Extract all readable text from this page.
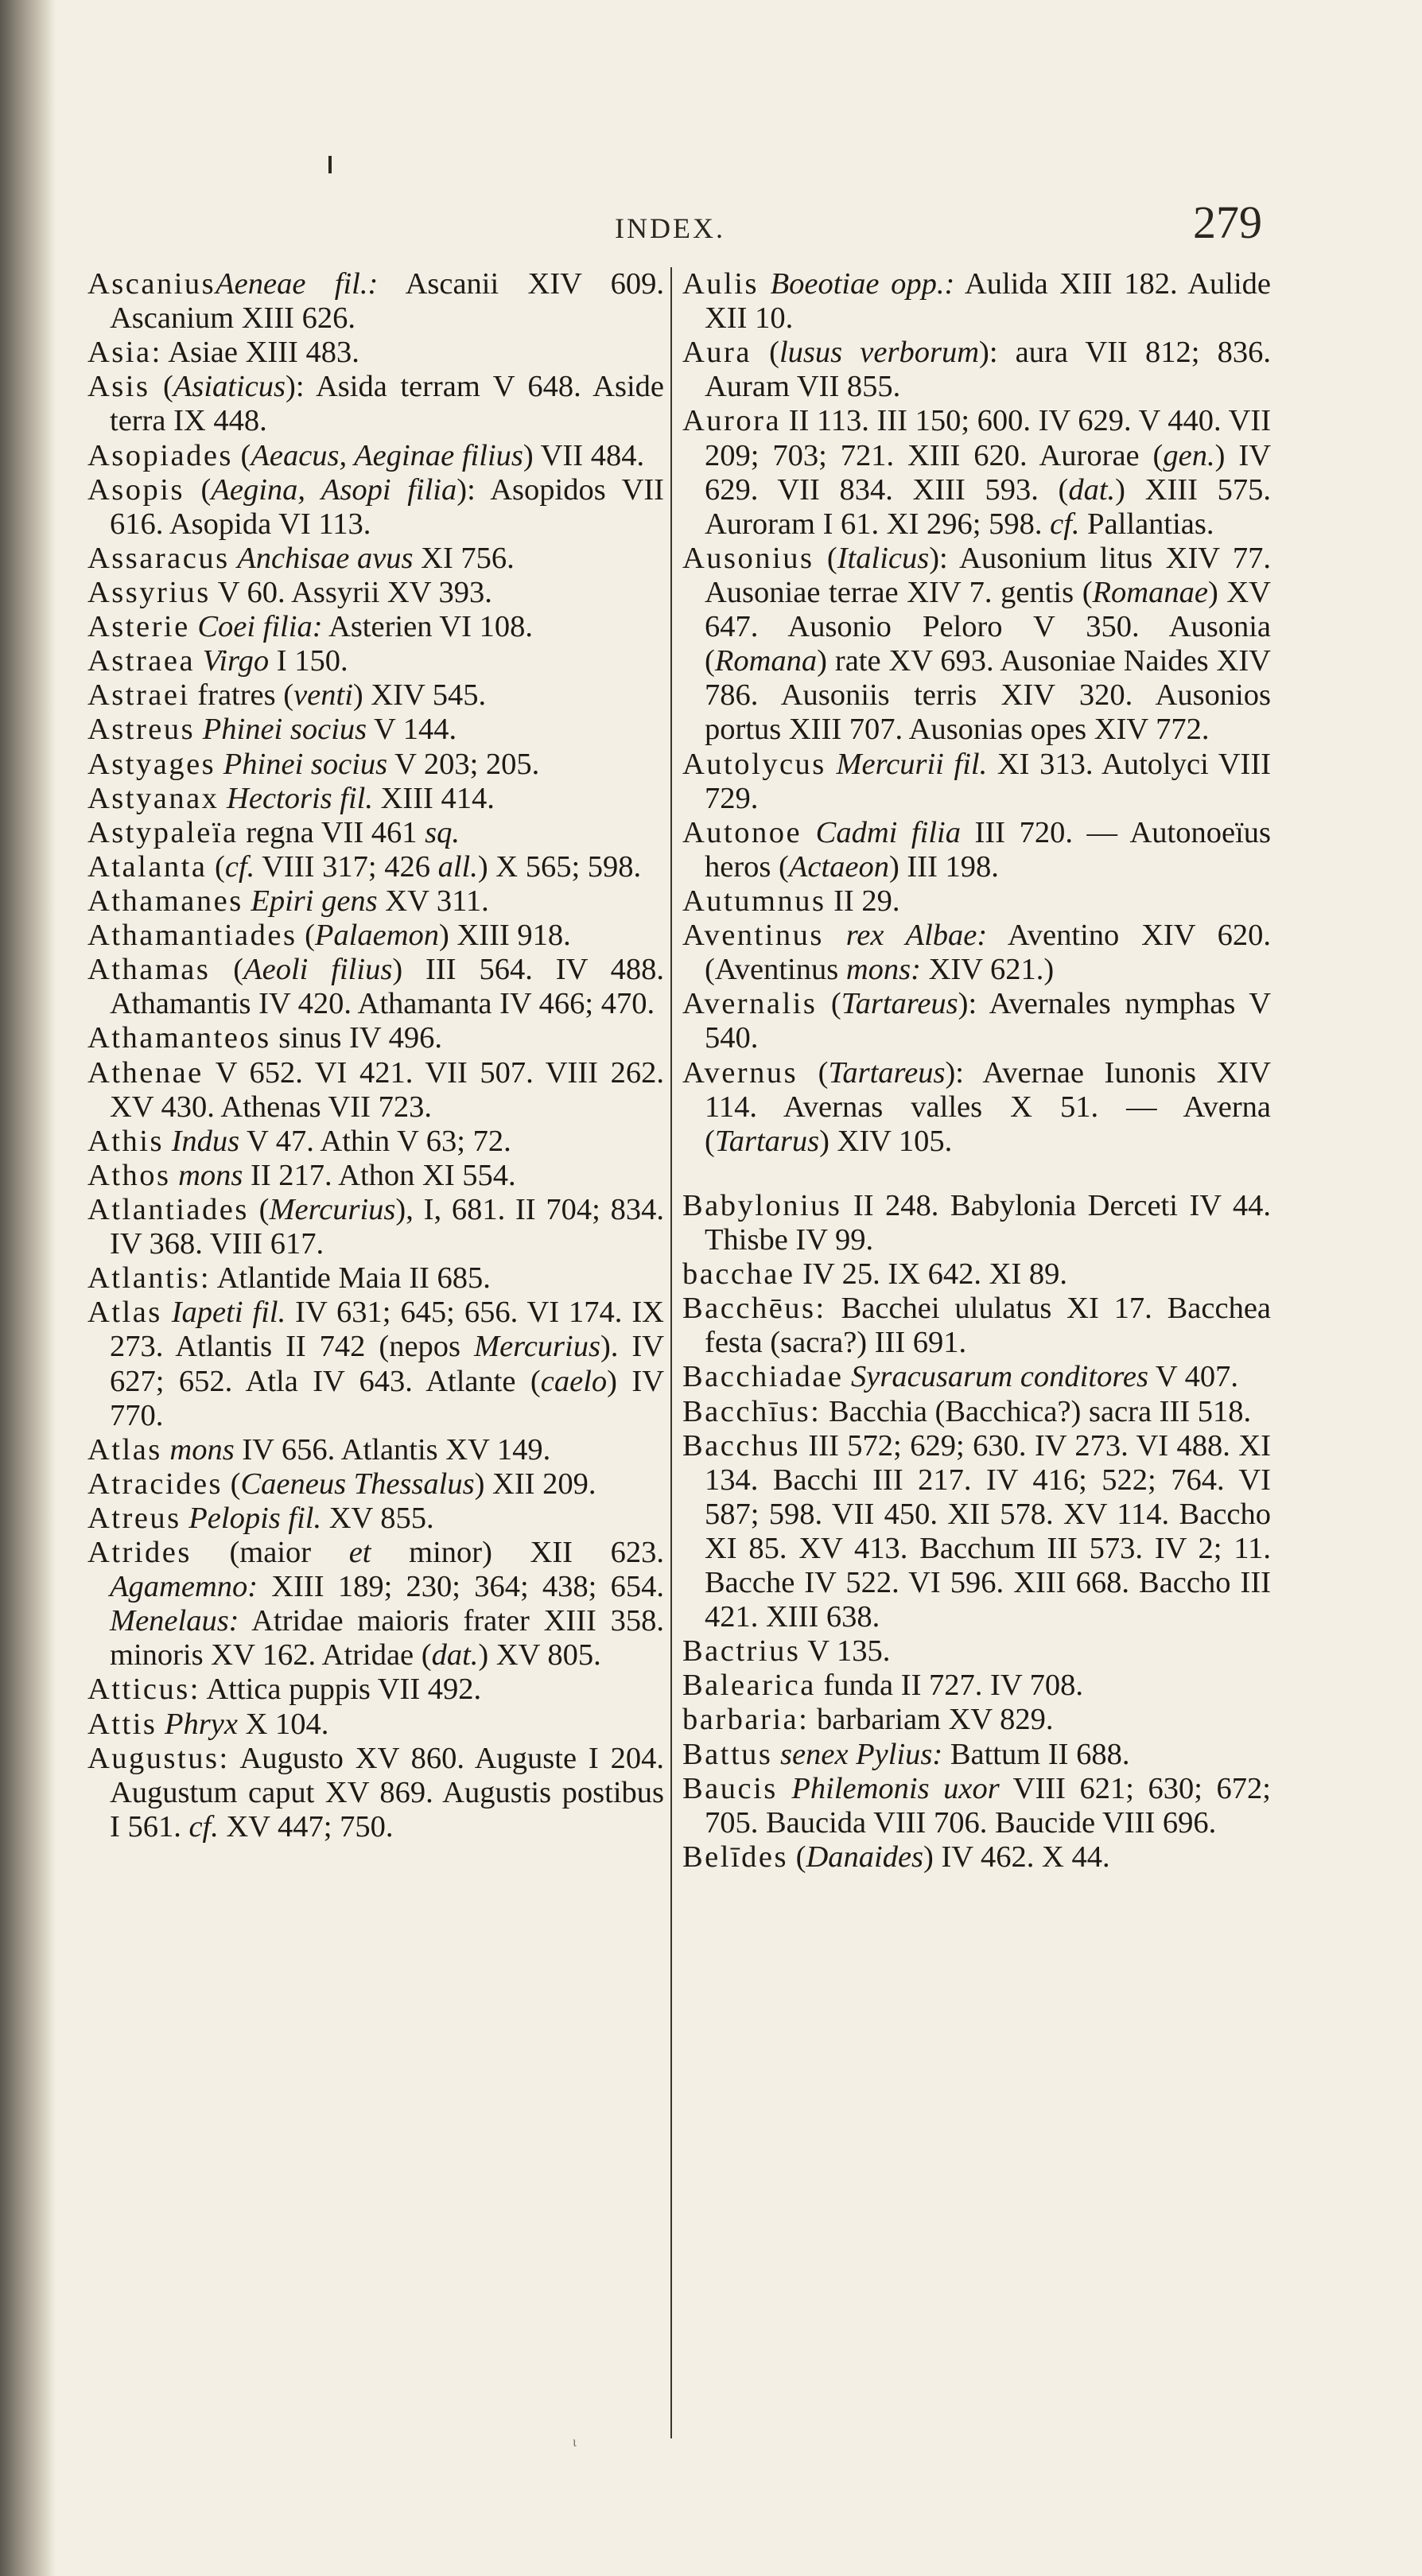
INDEX.	279

AscaniusAeneae fil.: Ascanii XIV 609. Ascanium XIII 626.

Asia: Asiae XIII 483.

Asis (Asiaticus): Asida terram V 648. Aside terra IX 448.

Asopiades (Aeacus, Aeginae filius) VII 484.

Asopis (Aegina, Asopi filia): Asopidos VII 616. Asopida VI 113.

Assaracus Anchisae avus XI 756.

Assyrius V 60. Assyrii XV 393.

Asterie Coei filia: Asterien VI 108.

Astraea Virgo I 150.

Astraei fratres (venti) XIV 545.

Astreus Phinei socius V 144.

Astyages Phinei socius V 203; 205.

Astyanax Hectoris fil. XIII 414.

Astypaleïa regna VII 461 sq.

Atalanta (cf. VIII 317; 426 all.) X 565; 598.

Athamanes Epiri gens XV 311.

Athamantiades (Palaemon) XIII 918.

Athamas (Aeoli filius) III 564. IV 488. Athamantis IV 420. Athamanta IV 466; 470.

Athamanteos sinus IV 496.

Athenae V 652. VI 421. VII 507. VIII 262. XV 430. Athenas VII 723.

Athis Indus V 47. Athin V 63; 72.

Athos mons II 217. Athon XI 554.

Atlantiades (Mercurius), I, 681. II 704; 834. IV 368. VIII 617.

Atlantis: Atlantide Maia II 685.

Atlas Iapeti fil. IV 631; 645; 656. VI 174. IX 273. Atlantis II 742 (nepos Mercurius). IV 627; 652. Atla IV 643. Atlante (caelo) IV 770.

Atlas mons IV 656. Atlantis XV 149.

Atracides (Caeneus Thessalus) XII 209.

Atreus Pelopis fil. XV 855.

Atrides (maior et minor) XII 623. Agamemno: XIII 189; 230; 364; 438; 654. Menelaus: Atridae maioris frater XIII 358. minoris XV 162. Atridae (dat.) XV 805.

Atticus: Attica puppis VII 492.

Attis Phryx X 104.

Augustus: Augusto XV 860. Auguste I 204. Augustum caput XV 869. Augustis postibus I 561. cf. XV 447; 750.

Aulis Boeotiae opp.: Aulida XIII 182. Aulide XII 10.

Aura (lusus verborum): aura VII 812; 836. Auram VII 855.

Aurora II 113. III 150; 600. IV 629. V 440. VII 209; 703; 721. XIII 620. Aurorae (gen.) IV 629. VII 834. XIII 593. (dat.) XIII 575. Auroram I 61. XI 296; 598. cf. Pallantias.

Ausonius (Italicus): Ausonium litus XIV 77. Ausoniae terrae XIV 7. gentis (Romanae) XV 647. Ausonio Peloro V 350. Ausonia (Romana) rate XV 693. Ausoniae Naides XIV 786. Ausoniis terris XIV 320. Ausonios portus XIII 707. Ausonias opes XIV 772.

Autolycus Mercurii fil. XI 313. Autolyci VIII 729.

Autonoe Cadmi filia III 720. — Autonoeïus heros (Actaeon) III 198.

Autumnus II 29.

Aventinus rex Albae: Aventino XIV 620. (Aventinus mons: XIV 621.)

Avernalis (Tartareus): Avernales nymphas V 540.

Avernus (Tartareus): Avernae Iunonis XIV 114. Avernas valles X 51. — Averna (Tartarus) XIV 105.

Babylonius II 248. Babylonia Derceti IV 44. Thisbe IV 99.

bacchae IV 25. IX 642. XI 89.

Bacchēus: Bacchei ululatus XI 17. Bacchea festa (sacra?) III 691.

Bacchiadae Syracusarum conditores V 407.

Bacchīus: Bacchia (Bacchica?) sacra III 518.

Bacchus III 572; 629; 630. IV 273. VI 488. XI 134. Bacchi III 217. IV 416; 522; 764. VI 587; 598. VII 450. XII 578. XV 114. Baccho XI 85. XV 413. Bacchum III 573. IV 2; 11. Bacche IV 522. VI 596. XIII 668. Baccho III 421. XIII 638.

Bactrius V 135.

Balearica funda II 727. IV 708.

barbaria: barbariam XV 829.

Battus senex Pylius: Battum II 688.

Baucis Philemonis uxor VIII 621; 630; 672; 705. Baucida VIII 706. Baucide VIII 696.

Belīdes (Danaides) IV 462. X 44.

ι
